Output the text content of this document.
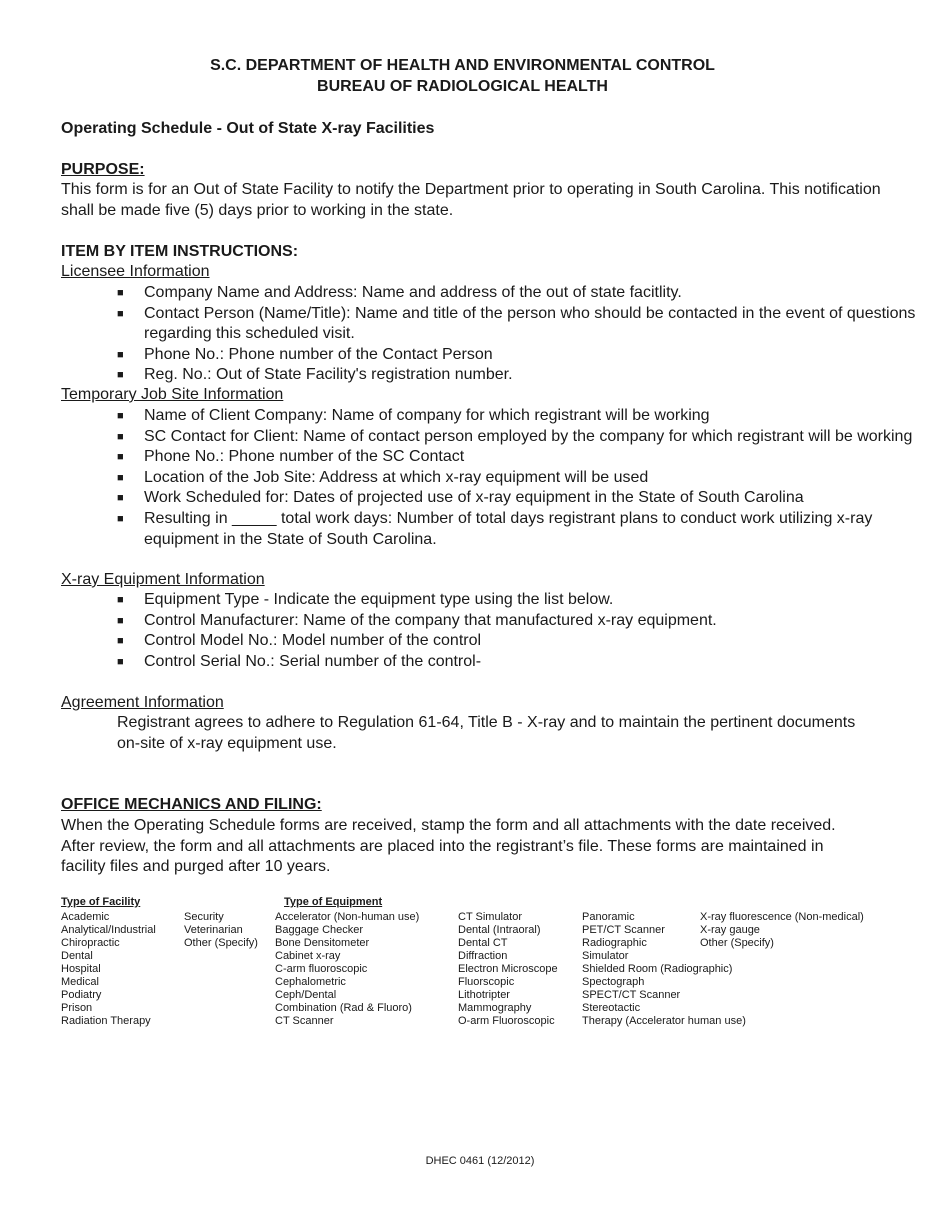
S.C. DEPARTMENT OF HEALTH AND ENVIRONMENTAL CONTROL
BUREAU OF RADIOLOGICAL HEALTH
Operating Schedule - Out of State X-ray Facilities
PURPOSE:
This form is for an Out of State Facility to notify the Department prior to operating in South Carolina. This notification shall be made five (5) days prior to working in the state.
ITEM BY ITEM INSTRUCTIONS:
Licensee Information
■ Company Name and Address: Name and address of the out of state facitlity.
■ Contact Person (Name/Title): Name and title of the person who should be contacted in the event of questions regarding this scheduled visit.
■ Phone No.: Phone number of the Contact Person
■ Reg. No.: Out of State Facility's registration number.
Temporary Job Site Information
■ Name of Client Company: Name of company for which registrant will be working
■ SC Contact for Client: Name of contact person employed by the company for which registrant will be working
■ Phone No.: Phone number of the SC Contact
■ Location of the Job Site: Address at which x-ray equipment will be used
■ Work Scheduled for: Dates of projected use of x-ray equipment in the State of South Carolina
■ Resulting in _____ total work days: Number of total days registrant plans to conduct work utilizing x-ray equipment in the State of South Carolina.
X-ray Equipment Information
■ Equipment Type - Indicate the equipment type using the list below.
■ Control Manufacturer: Name of the company that manufactured x-ray equipment.
■ Control Model No.: Model number of the control
■ Control Serial No.: Serial number of the control-
Agreement Information
Registrant agrees to adhere to Regulation 61-64, Title B - X-ray and to maintain the pertinent documents on-site of x-ray equipment use.
OFFICE MECHANICS AND FILING:
When the Operating Schedule forms are received, stamp the form and all attachments with the date received. After review, the form and all attachments are placed into the registrant’s file. These forms are maintained in facility files and purged after 10 years.
Type of Facility
Academic
Analytical/Industrial
Chiropractic
Dental
Hospital
Medical
Podiatry
Prison
Radiation Therapy
Security
Veterinarian
Other (Specify)
Type of Equipment
Accelerator (Non-human use)
Baggage Checker
Bone Densitometer
Cabinet x-ray
C-arm fluoroscopic
Cephalometric
Ceph/Dental
Combination (Rad & Fluoro)
CT Scanner
CT Simulator
Dental (Intraoral)
Dental CT
Diffraction
Electron Microscope
Fluorscopic
Lithotripter
Mammography
O-arm Fluoroscopic
Panoramic
PET/CT Scanner
Radiographic
Simulator
Shielded Room (Radiographic)
Spectograph
SPECT/CT Scanner
Stereotactic
Therapy (Accelerator human use)
X-ray fluorescence (Non-medical)
X-ray gauge
Other (Specify)
DHEC 0461 (12/2012)
